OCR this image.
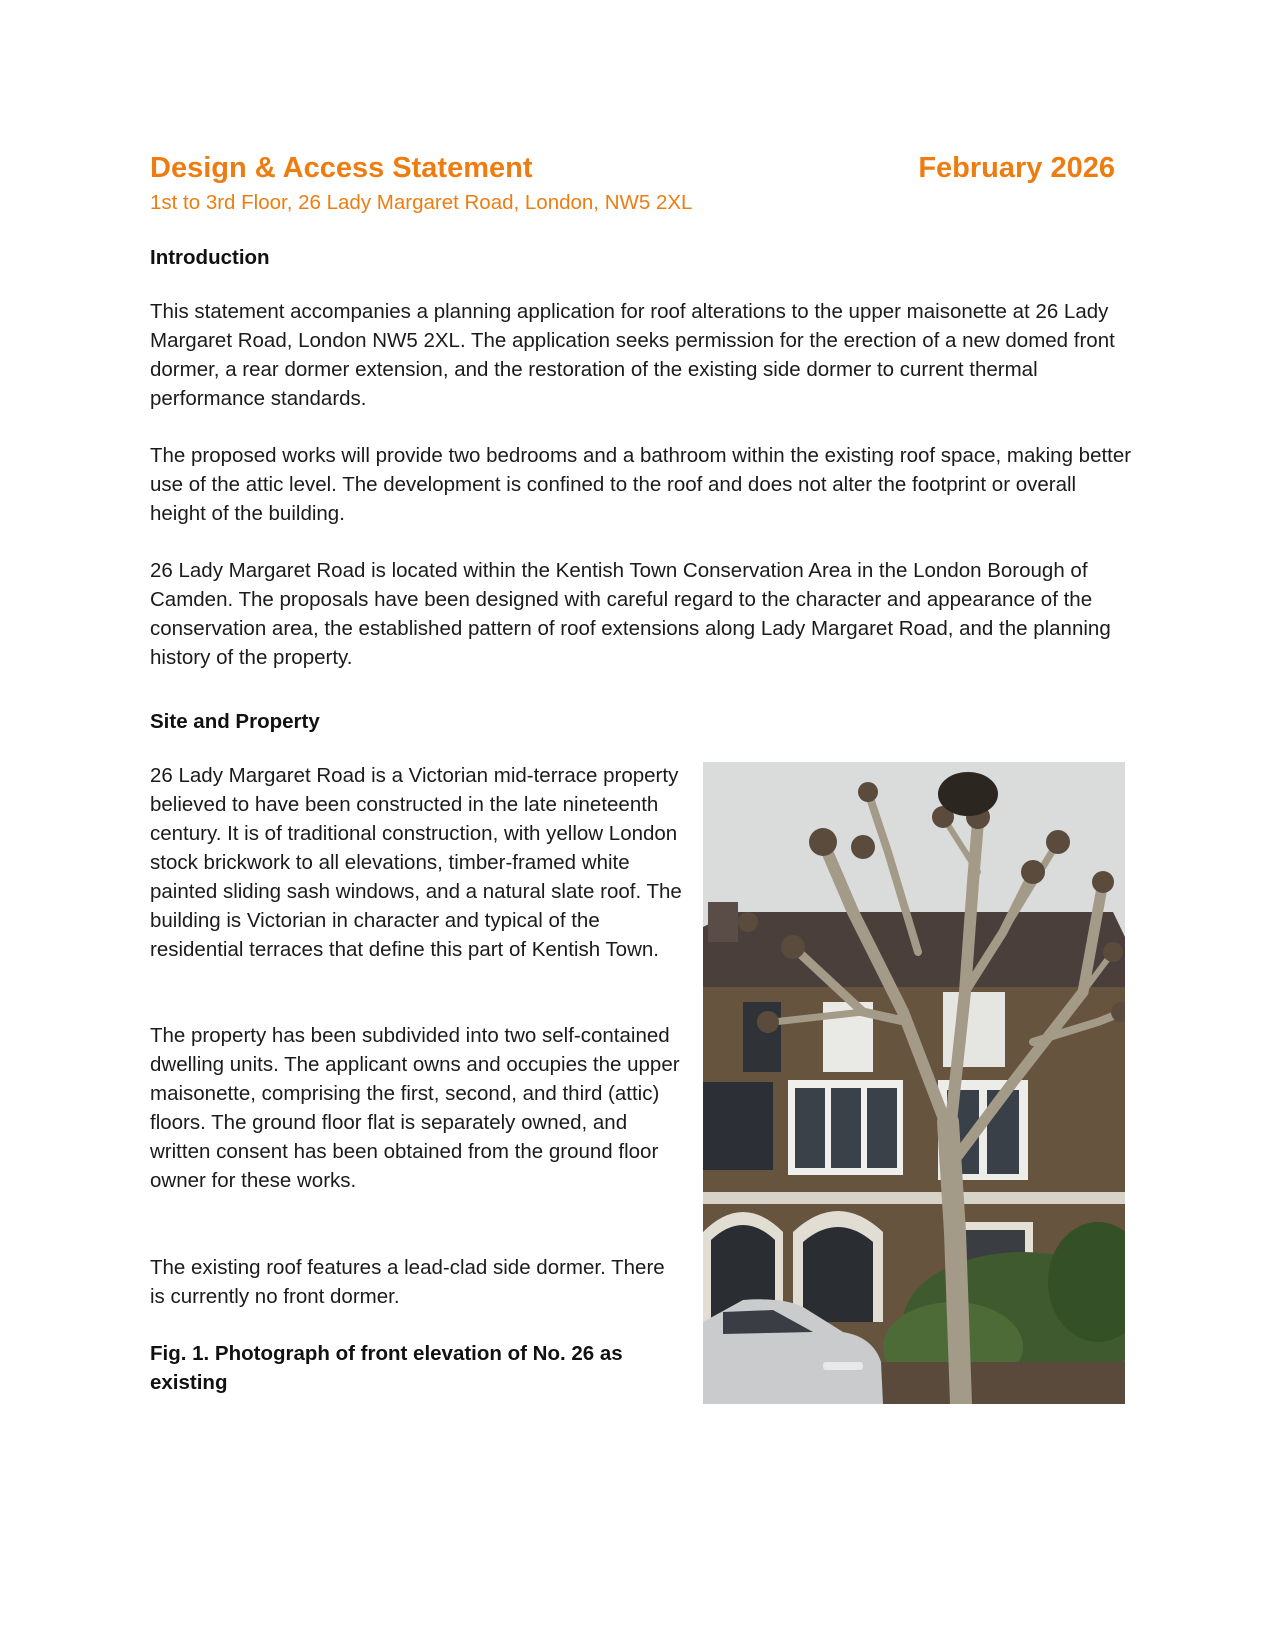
Design & Access Statement	February 2026
1st to 3rd Floor, 26 Lady Margaret Road, London, NW5 2XL
Introduction

This statement accompanies a planning application for roof alterations to the upper maisonette at 26 Lady Margaret Road, London NW5 2XL. The application seeks permission for the erection of a new domed front dormer, a rear dormer extension, and the restoration of the existing side dormer to current thermal performance standards.

The proposed works will provide two bedrooms and a bathroom within the existing roof space, making better use of the attic level. The development is confined to the roof and does not alter the footprint or overall height of the building.

26 Lady Margaret Road is located within the Kentish Town Conservation Area in the London Borough of Camden. The proposals have been designed with careful regard to the character and appearance of the conservation area, the established pattern of roof extensions along Lady Margaret Road, and the planning history of the property.

Site and Property

26 Lady Margaret Road is a Victorian mid-terrace property believed to have been constructed in the late nineteenth century. It is of traditional construction, with yellow London stock brickwork to all elevations, timber-framed white painted sliding sash windows, and a natural slate roof. The building is Victorian in character and typical of the residential terraces that define this part of Kentish Town.

The property has been subdivided into two self-contained dwelling units. The applicant owns and occupies the upper maisonette, comprising the first, second, and third (attic) floors. The ground floor flat is separately owned, and written consent has been obtained from the ground floor owner for these works.

The existing roof features a lead-clad side dormer. There is currently no front dormer.

Fig. 1. Photograph of front elevation of No. 26 as existing
